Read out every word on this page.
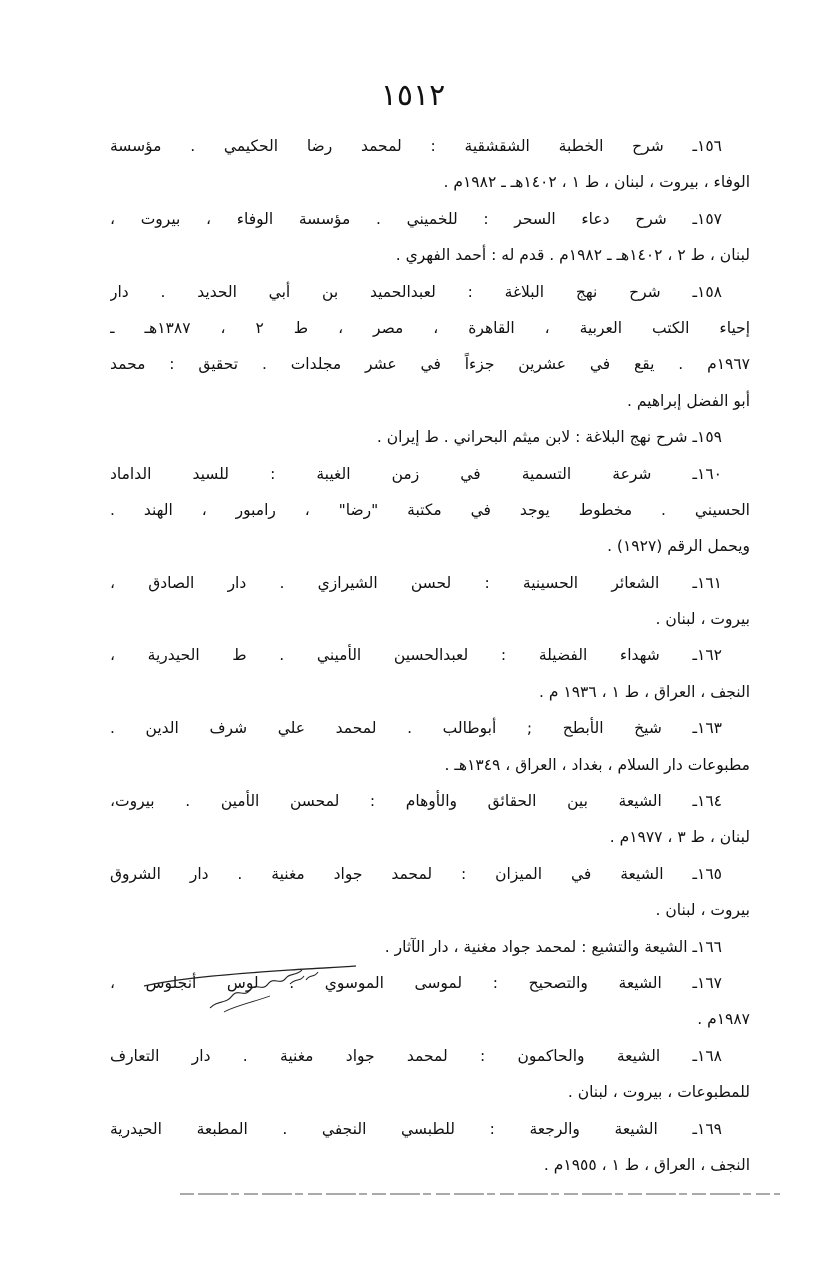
١٥١٢
١٥٦ـ شرح الخطبة الشقشقية : لمحمد رضا الحكيمي . مؤسسة
الوفاء ، بيروت ، لبنان ، ط ١ ، ١٤٠٢هـ ـ ١٩٨٢م .
١٥٧ـ شرح دعاء السحر : للخميني . مؤسسة الوفاء ، بيروت ،
لبنان ، ط ٢ ، ١٤٠٢هـ ـ ١٩٨٢م . قدم له : أحمد الفهري .
١٥٨ـ شرح نهج البلاغة : لعبدالحميد بن أبي الحديد . دار
إحياء الكتب العربية ، القاهرة ، مصر ، ط ٢ ، ١٣٨٧هـ ـ
١٩٦٧م . يقع في عشرين جزءاً في عشر مجلدات . تحقيق : محمد
أبو الفضل إبراهيم .
١٥٩ـ شرح نهج البلاغة : لابن ميثم البحراني . ط إيران .
١٦٠ـ شرعة التسمية في زمن الغيبة : للسيد الداماد
الحسيني . مخطوط يوجد في مكتبة "رضا" ، رامبور ، الهند .
ويحمل الرقم (١٩٢٧) .
١٦١ـ الشعائر الحسينية : لحسن الشيرازي . دار الصادق ،
بيروت ، لبنان .
١٦٢ـ شهداء الفضيلة : لعبدالحسين الأميني . ط الحيدرية ،
النجف ، العراق ، ط ١ ، ١٩٣٦ م .
١٦٣ـ شيخ الأبطح ; أبوطالب . لمحمد علي شرف الدين .
مطبوعات دار السلام ، بغداد ، العراق ، ١٣٤٩هـ .
١٦٤ـ الشيعة بين الحقائق والأوهام : لمحسن الأمين . بيروت،
لبنان ، ط ٣ ، ١٩٧٧م .
١٦٥ـ الشيعة في الميزان : لمحمد جواد مغنية . دار الشروق
بيروت ، لبنان .
١٦٦ـ الشيعة والتشيع : لمحمد جواد مغنية ، دار الآثار .
١٦٧ـ الشيعة والتصحيح : لموسى الموسوي . لوس أنجلوس ،
١٩٨٧م .
١٦٨ـ الشيعة والحاكمون : لمحمد جواد مغنية . دار التعارف
للمطبوعات ، بيروت ، لبنان .
١٦٩ـ الشيعة والرجعة : للطبسي النجفي . المطبعة الحيدرية
النجف ، العراق ، ط ١ ، ١٩٥٥م .
